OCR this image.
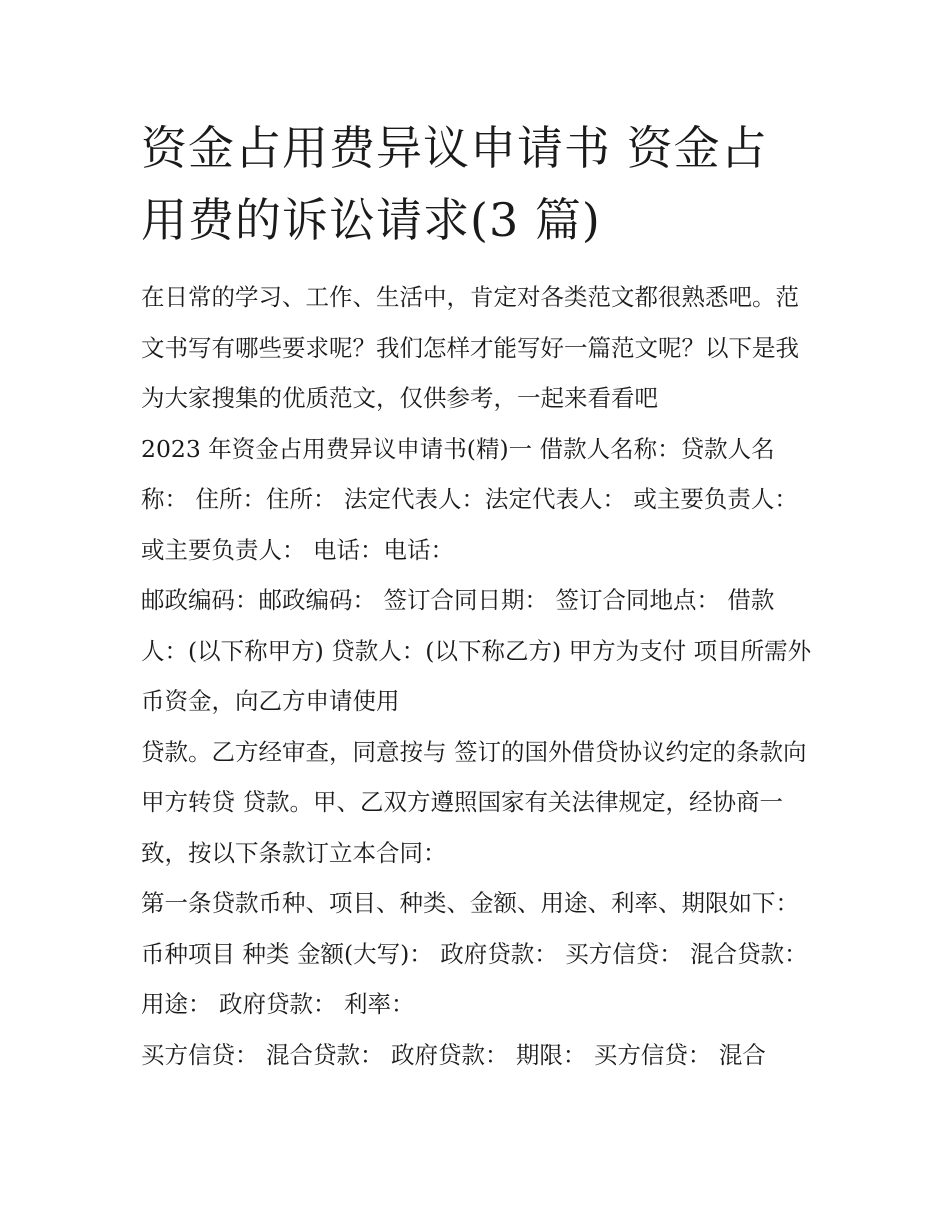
资金占用费异议申请书 资金占用费的诉讼请求(3 篇)

在日常的学习、工作、生活中，肯定对各类范文都很熟悉吧。范文书写有哪些要求呢？我们怎样才能写好一篇范文呢？以下是我为大家搜集的优质范文，仅供参考，一起来看看吧

2023 年资金占用费异议申请书(精)一 借款人名称：贷款人名称： 住所：住所： 法定代表人：法定代表人： 或主要负责人：或主要负责人： 电话：电话：

邮政编码：邮政编码： 签订合同日期： 签订合同地点： 借款人：(以下称甲方) 贷款人：(以下称乙方) 甲方为支付 项目所需外币资金，向乙方申请使用

贷款。乙方经审查，同意按与 签订的国外借贷协议约定的条款向甲方转贷 贷款。甲、乙双方遵照国家有关法律规定，经协商一致，按以下条款订立本合同：

第一条贷款币种、项目、种类、金额、用途、利率、期限如下： 币种项目 种类 金额(大写)： 政府贷款： 买方信贷： 混合贷款： 用途： 政府贷款： 利率：

买方信贷： 混合贷款： 政府贷款： 期限： 买方信贷： 混合
